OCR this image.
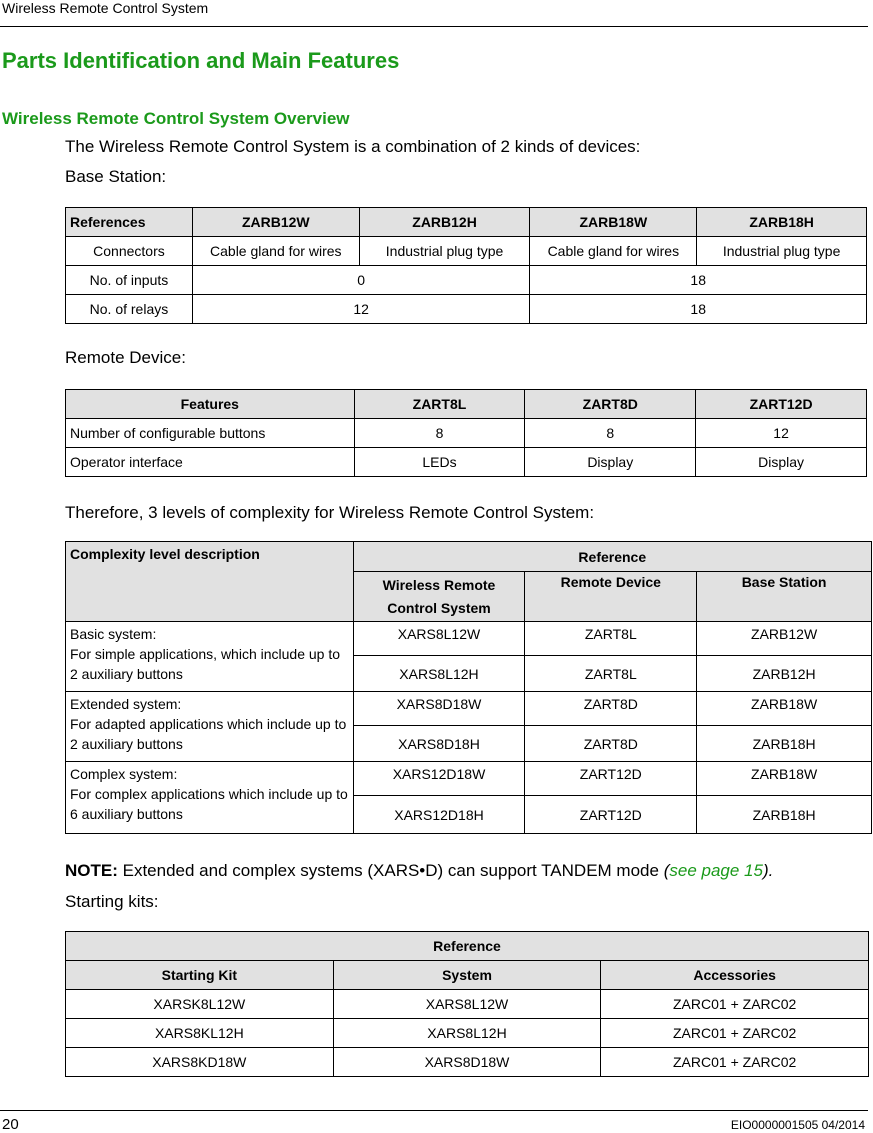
Wireless Remote Control System
Parts Identification and Main Features
Wireless Remote Control System Overview
The Wireless Remote Control System is a combination of 2 kinds of devices:
Base Station:
References	ZARB12W	ZARB12H	ZARB18W	ZARB18H
Connectors	Cable gland for wires	Industrial plug type	Cable gland for wires	Industrial plug type
No. of inputs	0		18	
No. of relays	12		18	
Remote Device:
Features	ZART8L	ZART8D	ZART12D
Number of configurable buttons	8	8	12
Operator interface	LEDs	Display	Display
Therefore, 3 levels of complexity for Wireless Remote Control System:
Complexity level description	Reference		
	Wireless Remote Control System	Remote Device	Base Station

Basic system:
For simple applications, which include up to 2 auxiliary buttons	XARS8L12W	ZART8L	ZARB12W
	XARS8L12H	ZART8L	ZARB12H

Extended system:
For adapted applications which include up to 2 auxiliary buttons	XARS8D18W	ZART8D	ZARB18W
	XARS8D18H	ZART8D	ZARB18H

Complex system:
For complex applications which include up to 6 auxiliary buttons	XARS12D18W	ZART12D	ZARB18W
	XARS12D18H	ZART12D	ZARB18H
NOTE: Extended and complex systems (XARS•D) can support TANDEM mode (see page 15).
Starting kits:
Reference		
Starting Kit	System	Accessories
XARSK8L12W	XARS8L12W	ZARC01 + ZARC02
XARS8KL12H	XARS8L12H	ZARC01 + ZARC02
XARS8KD18W	XARS8D18W	ZARC01 + ZARC02
20	EIO0000001505 04/2014
